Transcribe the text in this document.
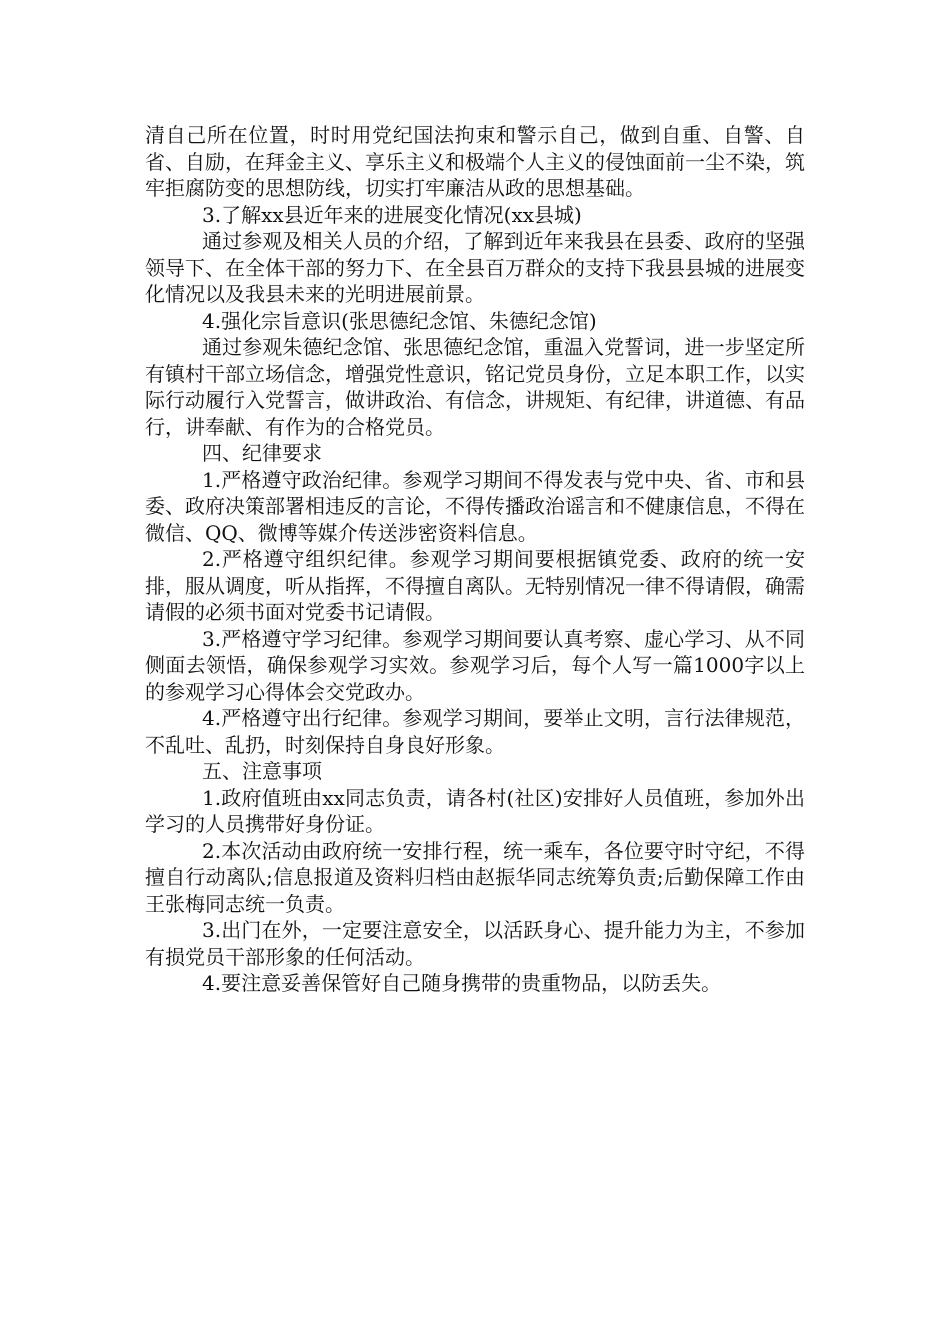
清自己所在位置，时时用党纪国法拘束和警示自己，做到自重、自警、自省、自励，在拜金主义、享乐主义和极端个人主义的侵蚀面前一尘不染，筑牢拒腐防变的思想防线，切实打牢廉洁从政的思想基础。

3.了解xx县近年来的进展变化情况(xx县城)

通过参观及相关人员的介绍，了解到近年来我县在县委、政府的坚强领导下、在全体干部的努力下、在全县百万群众的支持下我县县城的进展变化情况以及我县未来的光明进展前景。

4.强化宗旨意识(张思德纪念馆、朱德纪念馆)

通过参观朱德纪念馆、张思德纪念馆，重温入党誓词，进一步坚定所有镇村干部立场信念，增强党性意识，铭记党员身份，立足本职工作，以实际行动履行入党誓言，做讲政治、有信念，讲规矩、有纪律，讲道德、有品行，讲奉献、有作为的合格党员。

四、纪律要求

1.严格遵守政治纪律。参观学习期间不得发表与党中央、省、市和县委、政府决策部署相违反的言论，不得传播政治谣言和不健康信息，不得在微信、QQ、微博等媒介传送涉密资料信息。

2.严格遵守组织纪律。参观学习期间要根据镇党委、政府的统一安排，服从调度，听从指挥，不得擅自离队。无特别情况一律不得请假，确需请假的必须书面对党委书记请假。

3.严格遵守学习纪律。参观学习期间要认真考察、虚心学习、从不同侧面去领悟，确保参观学习实效。参观学习后，每个人写一篇1000字以上的参观学习心得体会交党政办。

4.严格遵守出行纪律。参观学习期间，要举止文明，言行法律规范，不乱吐、乱扔，时刻保持自身良好形象。

五、注意事项

1.政府值班由xx同志负责，请各村(社区)安排好人员值班，参加外出学习的人员携带好身份证。

2.本次活动由政府统一安排行程，统一乘车，各位要守时守纪，不得擅自行动离队;信息报道及资料归档由赵振华同志统筹负责;后勤保障工作由王张梅同志统一负责。

3.出门在外，一定要注意安全，以活跃身心、提升能力为主，不参加有损党员干部形象的任何活动。

4.要注意妥善保管好自己随身携带的贵重物品，以防丢失。
